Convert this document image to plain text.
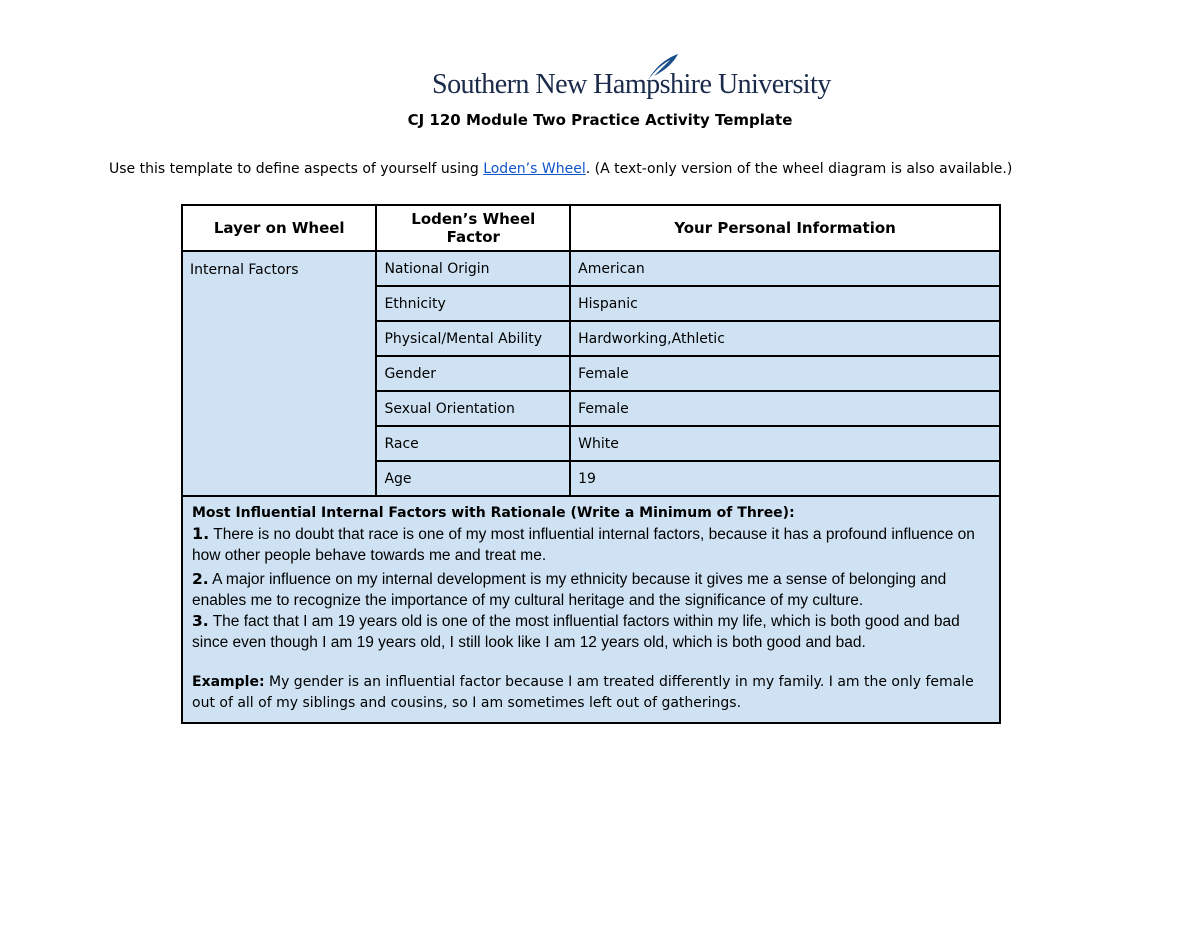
Southern New Hampshire University
CJ 120 Module Two Practice Activity Template
Use this template to define aspects of yourself using Loden’s Wheel. (A text-only version of the wheel diagram is also available.)
Layer on Wheel	Loden’s Wheel Factor	Your Personal Information
Internal Factors	National Origin	American
	Ethnicity	Hispanic
	Physical/Mental Ability	Hardworking,Athletic
	Gender	Female
	Sexual Orientation	Female
	Race	White
	Age	19

Most Influential Internal Factors with Rationale (Write a Minimum of Three):
1. There is no doubt that race is one of my most influential internal factors, because it has a profound influence on how other people behave towards me and treat me.
2. A major influence on my internal development is my ethnicity because it gives me a sense of belonging and enables me to recognize the importance of my cultural heritage and the significance of my culture.
3. The fact that I am 19 years old is one of the most influential factors within my life, which is both good and bad since even though I am 19 years old, I still look like I am 12 years old, which is both good and bad.
Example: My gender is an influential factor because I am treated differently in my family. I am the only female out of all of my siblings and cousins, so I am sometimes left out of gatherings.		
